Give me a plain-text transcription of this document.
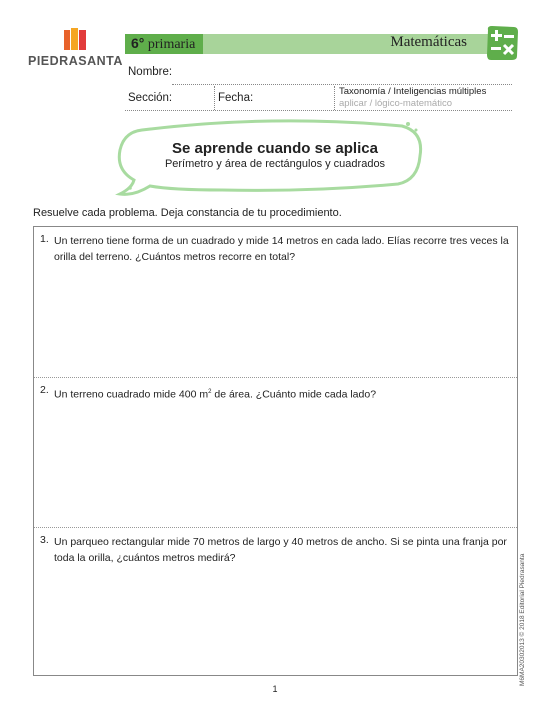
PIEDRASANTA
6° primaria	Matemáticas
Nombre:
Sección:	Fecha:
Taxonomía / Inteligencias múltiples
aplicar / lógico-matemático
Se aprende cuando se aplica
Perímetro y área de rectángulos y cuadrados
Resuelve cada problema. Deja constancia de tu procedimiento.
1. Un terreno tiene forma de un cuadrado y mide 14 metros en cada lado. Elías recorre tres veces la orilla del terreno. ¿Cuántos metros recorre en total?
2. Un terreno cuadrado mide 400 $m^2$ de área. ¿Cuánto mide cada lado?
3. Un parqueo rectangular mide 70 metros de largo y 40 metros de ancho. Si se pinta una franja por toda la orilla, ¿cuántos metros medirá?	M6MA20302013 © 2018 Editorial Piedrasanta
1
